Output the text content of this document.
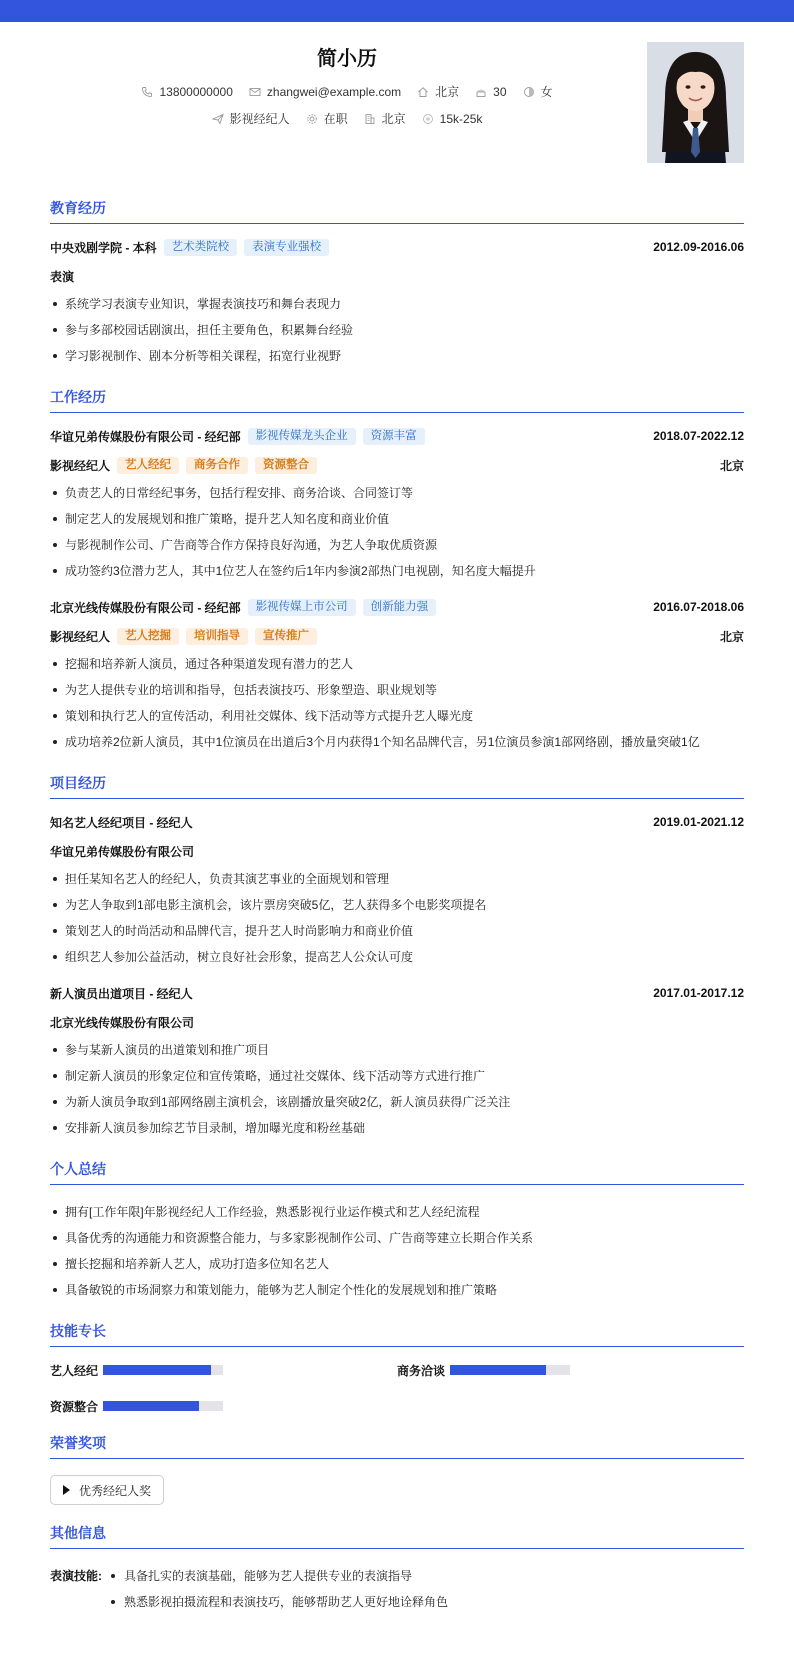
简小历
13800000000	zhangwei@example.com	北京	30	女
影视经纪人	在职	北京	15k-25k
教育经历
中央戏剧学院 - 本科	艺术类院校	表演专业强校	2012.09-2016.06
表演
系统学习表演专业知识，掌握表演技巧和舞台表现力
参与多部校园话剧演出，担任主要角色，积累舞台经验
学习影视制作、剧本分析等相关课程，拓宽行业视野
工作经历
华谊兄弟传媒股份有限公司 - 经纪部	影视传媒龙头企业	资源丰富	2018.07-2022.12
影视经纪人	艺人经纪	商务合作	资源整合	北京
负责艺人的日常经纪事务，包括行程安排、商务洽谈、合同签订等
制定艺人的发展规划和推广策略，提升艺人知名度和商业价值
与影视制作公司、广告商等合作方保持良好沟通，为艺人争取优质资源
成功签约3位潜力艺人，其中1位艺人在签约后1年内参演2部热门电视剧，知名度大幅提升
北京光线传媒股份有限公司 - 经纪部	影视传媒上市公司	创新能力强	2016.07-2018.06
影视经纪人	艺人挖掘	培训指导	宣传推广	北京
挖掘和培养新人演员，通过各种渠道发现有潜力的艺人
为艺人提供专业的培训和指导，包括表演技巧、形象塑造、职业规划等
策划和执行艺人的宣传活动，利用社交媒体、线下活动等方式提升艺人曝光度
成功培养2位新人演员，其中1位演员在出道后3个月内获得1个知名品牌代言，另1位演员参演1部网络剧，播放量突破1亿
项目经历
知名艺人经纪项目 - 经纪人	2019.01-2021.12
华谊兄弟传媒股份有限公司
担任某知名艺人的经纪人，负责其演艺事业的全面规划和管理
为艺人争取到1部电影主演机会，该片票房突破5亿，艺人获得多个电影奖项提名
策划艺人的时尚活动和品牌代言，提升艺人时尚影响力和商业价值
组织艺人参加公益活动，树立良好社会形象，提高艺人公众认可度
新人演员出道项目 - 经纪人	2017.01-2017.12
北京光线传媒股份有限公司
参与某新人演员的出道策划和推广项目
制定新人演员的形象定位和宣传策略，通过社交媒体、线下活动等方式进行推广
为新人演员争取到1部网络剧主演机会，该剧播放量突破2亿，新人演员获得广泛关注
安排新人演员参加综艺节目录制，增加曝光度和粉丝基础
个人总结
拥有[工作年限]年影视经纪人工作经验，熟悉影视行业运作模式和艺人经纪流程
具备优秀的沟通能力和资源整合能力，与多家影视制作公司、广告商等建立长期合作关系
擅长挖掘和培养新人艺人，成功打造多位知名艺人
具备敏锐的市场洞察力和策划能力，能够为艺人制定个性化的发展规划和推广策略
技能专长
艺人经纪	商务洽谈
资源整合
荣誉奖项
优秀经纪人奖
其他信息
表演技能:	具备扎实的表演基础，能够为艺人提供专业的表演指导
熟悉影视拍摄流程和表演技巧，能够帮助艺人更好地诠释角色
